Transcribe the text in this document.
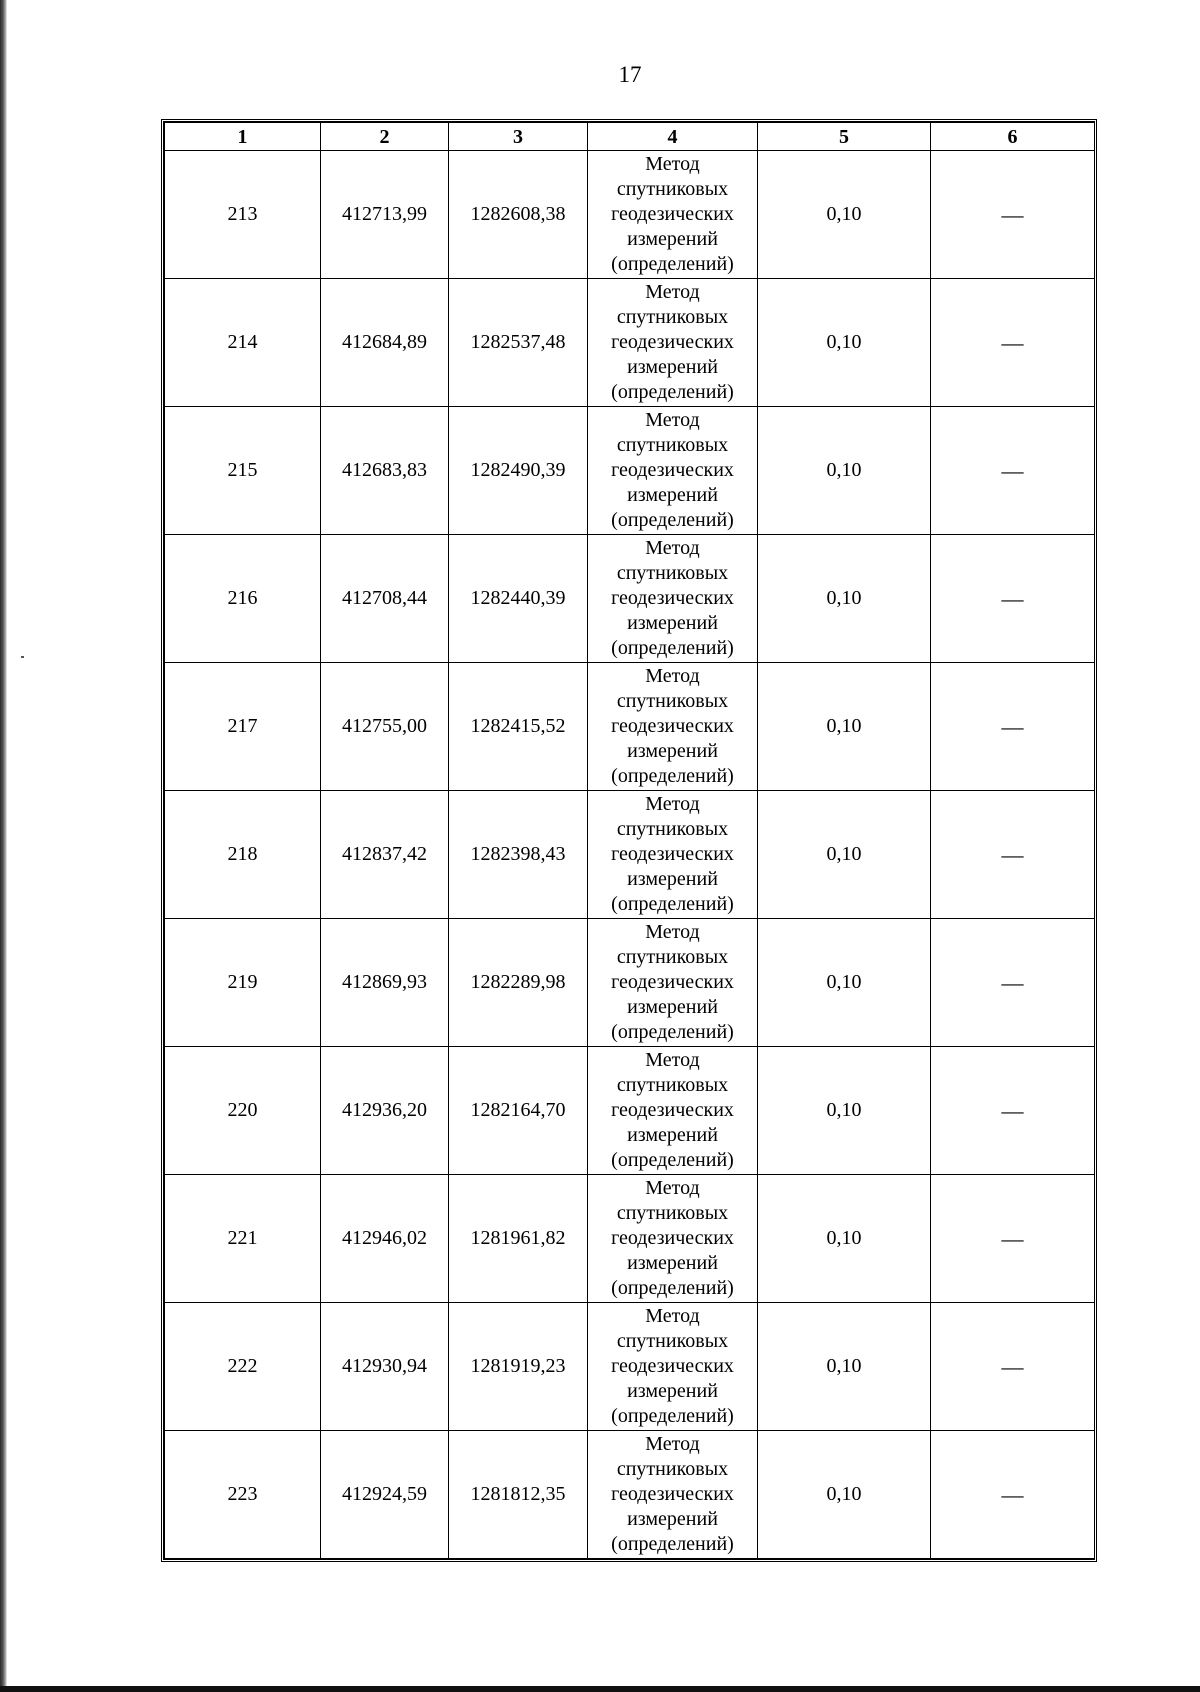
17
1	2	3	4	5	6
213	412713,99	1282608,38	Метод
спутниковых
геодезических
измерений
(определений)	0,10	—
214	412684,89	1282537,48	Метод
спутниковых
геодезических
измерений
(определений)	0,10	—
215	412683,83	1282490,39	Метод
спутниковых
геодезических
измерений
(определений)	0,10	—
216	412708,44	1282440,39	Метод
спутниковых
геодезических
измерений
(определений)	0,10	—
217	412755,00	1282415,52	Метод
спутниковых
геодезических
измерений
(определений)	0,10	—
218	412837,42	1282398,43	Метод
спутниковых
геодезических
измерений
(определений)	0,10	—
219	412869,93	1282289,98	Метод
спутниковых
геодезических
измерений
(определений)	0,10	—
220	412936,20	1282164,70	Метод
спутниковых
геодезических
измерений
(определений)	0,10	—
221	412946,02	1281961,82	Метод
спутниковых
геодезических
измерений
(определений)	0,10	—
222	412930,94	1281919,23	Метод
спутниковых
геодезических
измерений
(определений)	0,10	—
223	412924,59	1281812,35	Метод
спутниковых
геодезических
измерений
(определений)	0,10	—
